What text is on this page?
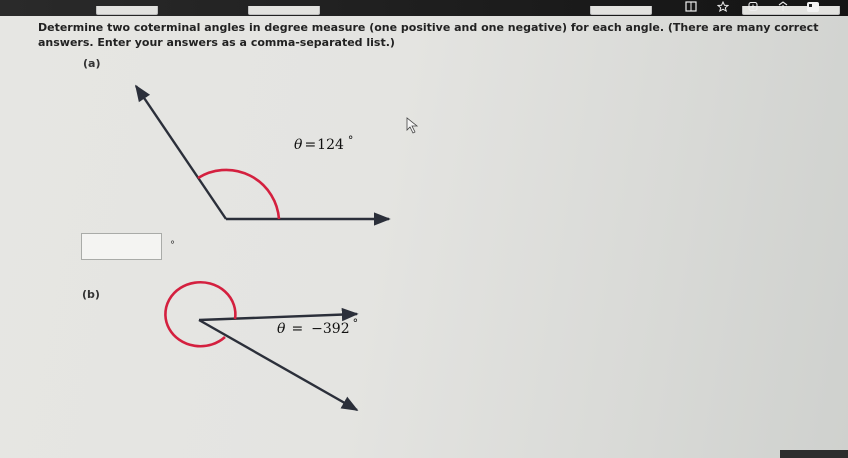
Determine two coterminal angles in degree measure (one positive and one negative) for each angle. (There are many correct answers. Enter your answers as a comma-separated list.)
(a)
θ =124 °
θ = −392 °
°
(b)
